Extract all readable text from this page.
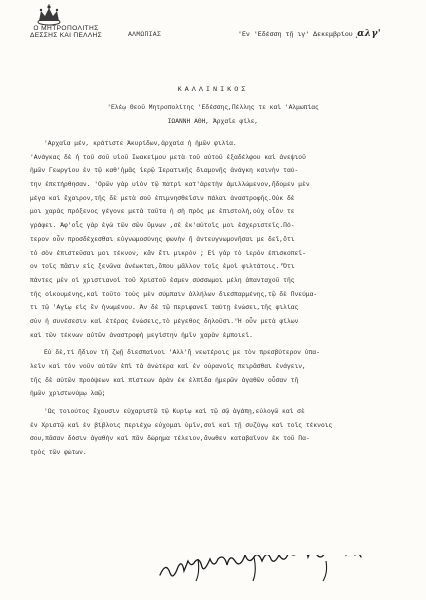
Ο ΜΗΤΡΟΠΟΛΙΤΗΣ
ΔΕΣΣΗΣ ΚΑΙ ΠΕΛΛΗΣ	ΑΛΜΩΠΙΑΣ	'Εν 'Εδέσση τῇ ιγ' Δεκεμβρίου ͅαλγ'
ΚΑΛΛΙΝΙΚΟΣ
'Ελέῳ Θεοῦ Μητροπολίτης 'Εδέσσης,Πέλλης τε καὶ 'Αλμωπίας
ΙΩΑΝΝΗ ΑΘΗ, Ἀρχαῖε φίλε,
'Αρχαῖα μέν, κράτιστε Ἀκυρίδων,ἀρχαία ἡ ἡμῶν φιλία.
'Ανάγκας δὲ ἡ τοῦ σοῦ υἱοῦ Ιωακείμου μετὰ τοῦ αὐτοῦ ἐξαδέλφου καὶ ἀνεψιοῦ
ἡμῶν Γεωργίου ἐν τῷ καθ'ἡμᾶς ἱερῷ Ἱερατικῆς διαμονῆς ἀνάγκη καινὴν ταύ-
την ἐπετήρθησαν. 'Ορῶν γὰρ υἱὸν τῷ πατρὶ κατ'ἀρετὴν ἁμιλλώμενον,ἤδομεν μὲν
μέγα καὶ ἔχαιρον,τῆς δὲ μετὰ σοῦ ἐπιμνησθεῖσιν πάλαι ἀναστροφῆς.Οὐκ δὲ
μοι χαρὰς πρόξενος γέγονε μετὰ ταῦτα ἡ σὴ πρὸς με ἐπιστολή,οὐχ οἷόν τε
γράφει. Ἀφ'οἷς γὰρ ἐγὼ τῶν σῶν ὕμνων ,σὲ ἐκ'αὐτοῖς μοι ἐσχεριστεῖς.Πό-
τερον οὖν προσδέχεσθαι εὐγνωμοσύνης φωνὴν ἢ ἀντευγνωμονῆσαι με δεῖ,ὅτι
τὸ σὸν ἐπιστεῦσαι μοι τέκνον, κἂν ἔτι μικρὸν ; Εἰ γὰρ τὸ ἱερὸν ἐπισκοπεῖ-
ον τοῖς πᾶσιν εἰς ξενῶνα ἀνέωκται,ὅπου μᾶλλον τοῖς ἐμοὶ φιλτάτοις.'Ὅτι
πάντες μὲν οἱ χριστιανοὶ τοῦ Χριστοῦ ἐσμεν σύσσωμοι μέλη ἀπανταχοῦ τῆς
τῆς οἰκουμένης,καὶ τοῦτο τοὺς μὲν σύμπαιν ἀλλήλων διεσπαρμένης,τῷ δὲ Πνεύμα-
τι τῷ 'Αγίῳ εἰς ἓν ἡνωμένου. Ἀν δὲ τῷ περιφανεῖ ταύτῃ ἑνώσει,τῆς φιλίας
σὺν ἡ συνέσεσιν καὶ ἑτέρας ἐνώσεις,τὸ μέγεθος δηλοῦσι.'Ἡ οὖν μετὰ φίλων
καὶ τῶν τέκνων αὐτῶν ἀναστροφὴ μεγίστην ἡμῖν χαρὰν ἐμποιεῖ.
Εὐ δὲ,τί ἥδιον τῆ ζωῇ διεσπαίνοι 'Αλλ'ἤ νεωτέροις με τὸν πρεσβύτερον ὑπα-
λεῖν καὶ τὸν νοῦν αὐτῶν ἐπὶ τὰ ἀνώτερα καὶ ἐν οὐρανοῖς πειρᾶσθαι ἐνάγειν,
τῆς δὲ αὐτῶν προόψεων καὶ πίστεων ἀρὰν ἐκ ἐλπίδα ἡμερῶν ἀγαθῶν οὖσαν τῆ
ἡμῶν χριστωνύμῳ λαῷ;
'Ως τοιούτος ἔχουσιν εὐχαριστῶ τῷ Κυρίῳ καὶ τῷ σῷ ἀγάπῃ,εὐλογῶ καὶ σὲ
ἐν Χριστῷ καὶ ἐν βίβλοις περιέχω εὐχομαι ὑμῖν,σοὶ καὶ τῇ συζύγῳ καὶ τοῖς τέκνοις
σου,πᾶσαν δόσιν ἀγαθὴν καὶ πᾶν δώρημα τέλειον,ἄνωθεν καταβαῖνον ἐκ τοῦ Πα-
τρὸς τῶν φώτων.
